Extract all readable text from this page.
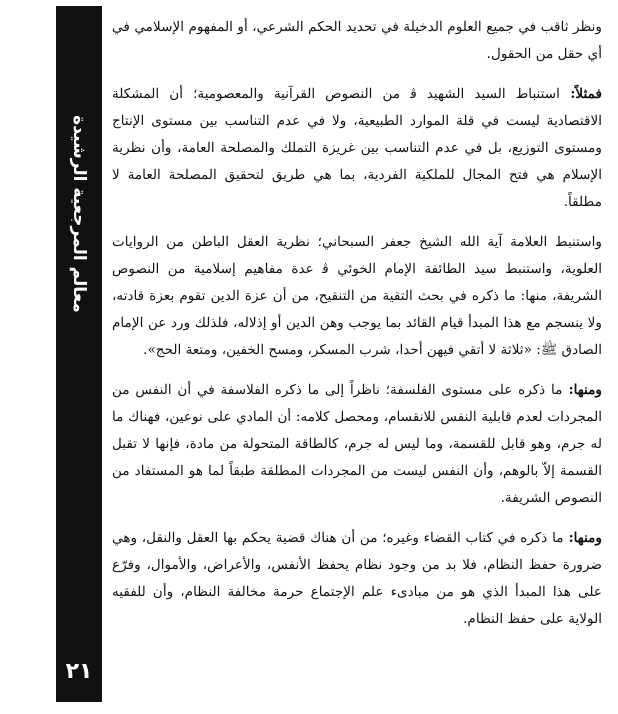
معالم المرجعية الرشيدة
٢١

ونظر ثاقب في جميع العلوم الدخيلة في تحديد الحكم الشرعي، أو المفهوم الإسلامي في أي حقل من الحقول.

فمثلاً: استنباط السيد الشهيد ﭬ من النصوص القرآنية والمعصومية؛ أن المشكلة الاقتصادية ليست في قلة الموارد الطبيعية، ولا في عدم التناسب بين مستوى الإنتاج ومستوى التوزيع، بل في عدم التناسب بين غريزة التملك والمصلحة العامة، وأن نظرية الإسلام هي فتح المجال للملكية الفردية، بما هي طريق لتحقيق المصلحة العامة لا مطلقاً.

واستنبط العلامة آية الله الشيخ جعفر السبحاني؛ نظرية العقل الباطن من الروايات العلوية، واستنبط سيد الطائفة الإمام الخوئي ﭬ عدة مفاهيم إسلامية من النصوص الشريفة، منها: ما ذكره في بحث التقية من التنقيح، من أن عزة الدين تقوم بعزة قادته، ولا ينسجم مع هذا المبدأ قيام القائد بما يوجب وهن الدين أو إذلاله، فلذلك ورد عن الإمام الصادق ﷺ: «ثلاثة لا أتقي فيهن أحدا، شرب المسكر، ومسح الخفين، ومتعة الحج».

ومنها: ما ذكره على مستوى الفلسفة؛ ناظراً إلى ما ذكره الفلاسفة في أن النفس من المجردات لعدم قابلية النفس للانقسام، ومحصل كلامه: أن المادي على نوعين، فهناك ما له جرم، وهو قابل للقسمة، وما ليس له جرم، كالطاقة المتحولة من مادة، فإنها لا تقبل القسمة إلاّ بالوهم، وأن النفس ليست من المجردات المطلقة طبقاً لما هو المستفاد من النصوص الشريفة.

ومنها: ما ذكره في كتاب القضاء وغيره؛ من أن هناك قضية يحكم بها العقل والنقل، وهي ضرورة حفظ النظام، فلا بد من وجود نظام يحفظ الأنفس، والأعراض، والأموال، وفرّع على هذا المبدأ الذي هو من مبادىء علم الإجتماع حرمة مخالفة النظام، وأن للفقيه الولاية على حفظ النظام.
